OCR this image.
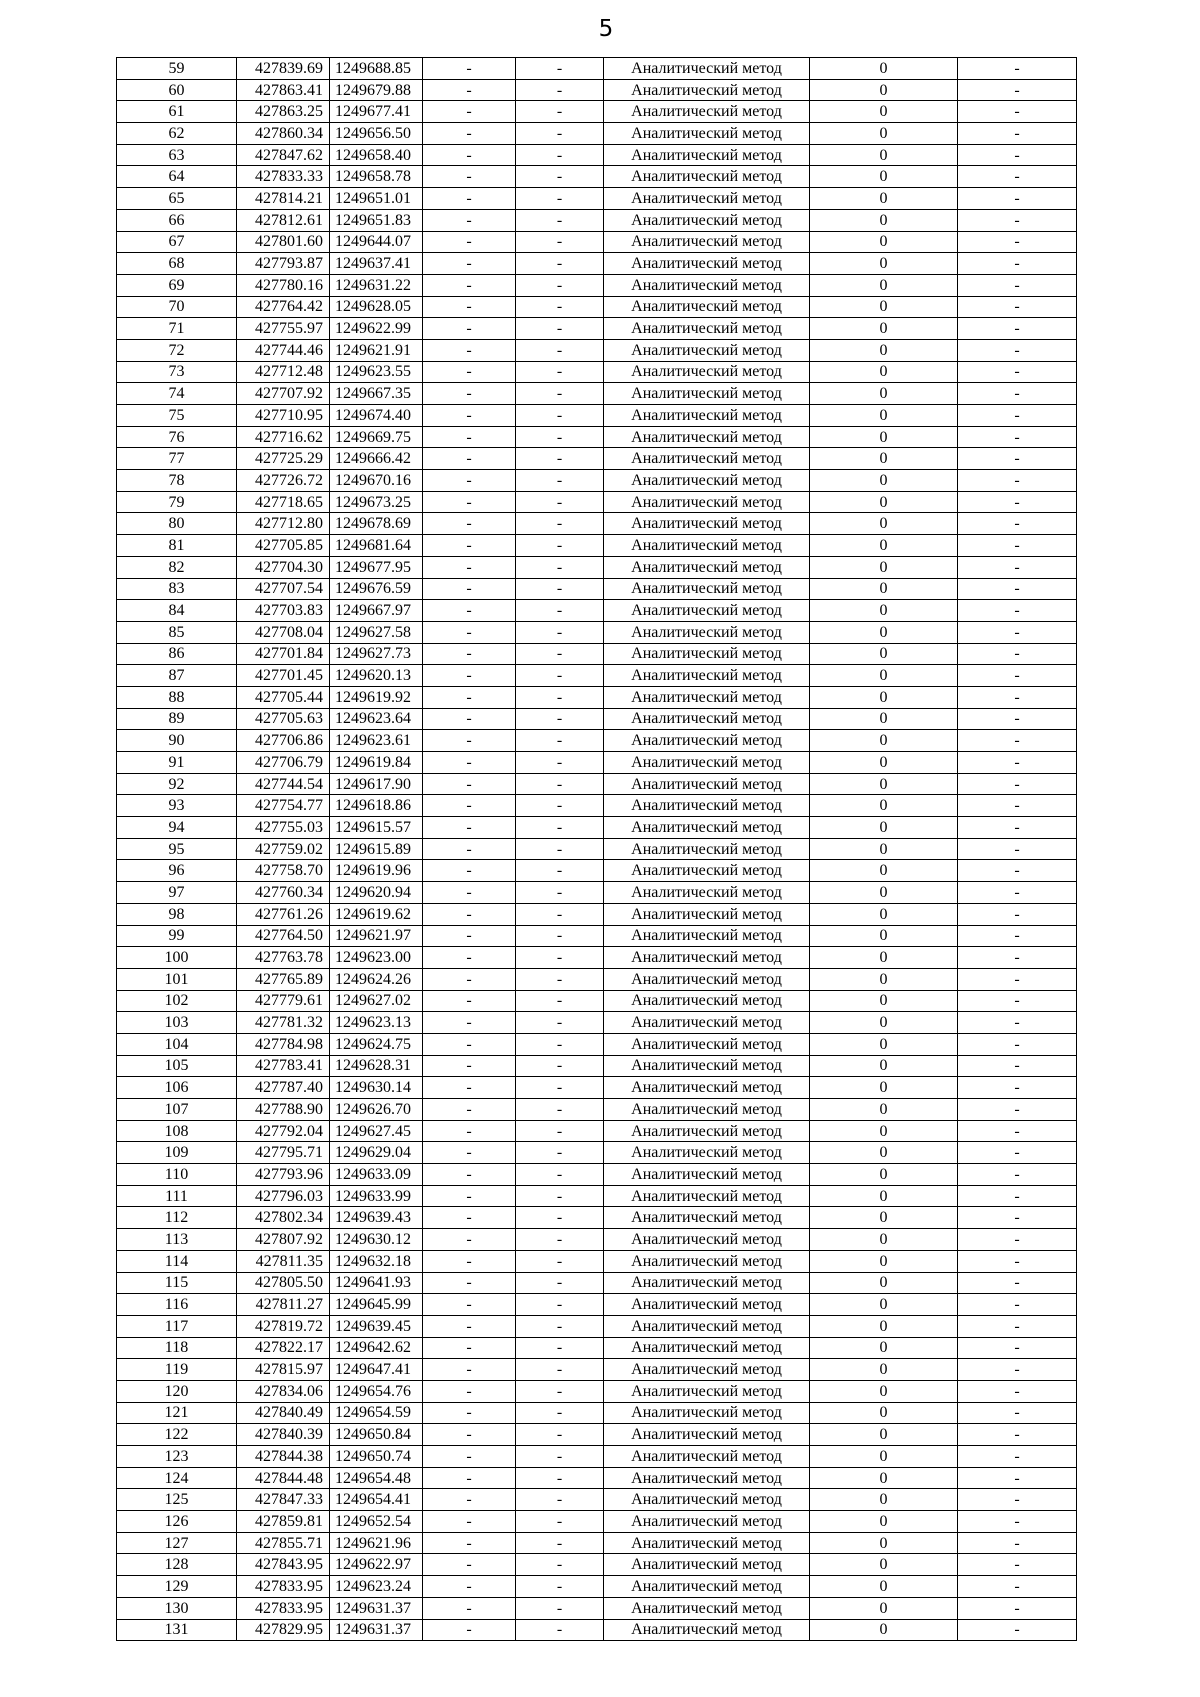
5
59	427839.69	1249688.85	-	-	Аналитический метод	0	-
60	427863.41	1249679.88	-	-	Аналитический метод	0	-
61	427863.25	1249677.41	-	-	Аналитический метод	0	-
62	427860.34	1249656.50	-	-	Аналитический метод	0	-
63	427847.62	1249658.40	-	-	Аналитический метод	0	-
64	427833.33	1249658.78	-	-	Аналитический метод	0	-
65	427814.21	1249651.01	-	-	Аналитический метод	0	-
66	427812.61	1249651.83	-	-	Аналитический метод	0	-
67	427801.60	1249644.07	-	-	Аналитический метод	0	-
68	427793.87	1249637.41	-	-	Аналитический метод	0	-
69	427780.16	1249631.22	-	-	Аналитический метод	0	-
70	427764.42	1249628.05	-	-	Аналитический метод	0	-
71	427755.97	1249622.99	-	-	Аналитический метод	0	-
72	427744.46	1249621.91	-	-	Аналитический метод	0	-
73	427712.48	1249623.55	-	-	Аналитический метод	0	-
74	427707.92	1249667.35	-	-	Аналитический метод	0	-
75	427710.95	1249674.40	-	-	Аналитический метод	0	-
76	427716.62	1249669.75	-	-	Аналитический метод	0	-
77	427725.29	1249666.42	-	-	Аналитический метод	0	-
78	427726.72	1249670.16	-	-	Аналитический метод	0	-
79	427718.65	1249673.25	-	-	Аналитический метод	0	-
80	427712.80	1249678.69	-	-	Аналитический метод	0	-
81	427705.85	1249681.64	-	-	Аналитический метод	0	-
82	427704.30	1249677.95	-	-	Аналитический метод	0	-
83	427707.54	1249676.59	-	-	Аналитический метод	0	-
84	427703.83	1249667.97	-	-	Аналитический метод	0	-
85	427708.04	1249627.58	-	-	Аналитический метод	0	-
86	427701.84	1249627.73	-	-	Аналитический метод	0	-
87	427701.45	1249620.13	-	-	Аналитический метод	0	-
88	427705.44	1249619.92	-	-	Аналитический метод	0	-
89	427705.63	1249623.64	-	-	Аналитический метод	0	-
90	427706.86	1249623.61	-	-	Аналитический метод	0	-
91	427706.79	1249619.84	-	-	Аналитический метод	0	-
92	427744.54	1249617.90	-	-	Аналитический метод	0	-
93	427754.77	1249618.86	-	-	Аналитический метод	0	-
94	427755.03	1249615.57	-	-	Аналитический метод	0	-
95	427759.02	1249615.89	-	-	Аналитический метод	0	-
96	427758.70	1249619.96	-	-	Аналитический метод	0	-
97	427760.34	1249620.94	-	-	Аналитический метод	0	-
98	427761.26	1249619.62	-	-	Аналитический метод	0	-
99	427764.50	1249621.97	-	-	Аналитический метод	0	-
100	427763.78	1249623.00	-	-	Аналитический метод	0	-
101	427765.89	1249624.26	-	-	Аналитический метод	0	-
102	427779.61	1249627.02	-	-	Аналитический метод	0	-
103	427781.32	1249623.13	-	-	Аналитический метод	0	-
104	427784.98	1249624.75	-	-	Аналитический метод	0	-
105	427783.41	1249628.31	-	-	Аналитический метод	0	-
106	427787.40	1249630.14	-	-	Аналитический метод	0	-
107	427788.90	1249626.70	-	-	Аналитический метод	0	-
108	427792.04	1249627.45	-	-	Аналитический метод	0	-
109	427795.71	1249629.04	-	-	Аналитический метод	0	-
110	427793.96	1249633.09	-	-	Аналитический метод	0	-
111	427796.03	1249633.99	-	-	Аналитический метод	0	-
112	427802.34	1249639.43	-	-	Аналитический метод	0	-
113	427807.92	1249630.12	-	-	Аналитический метод	0	-
114	427811.35	1249632.18	-	-	Аналитический метод	0	-
115	427805.50	1249641.93	-	-	Аналитический метод	0	-
116	427811.27	1249645.99	-	-	Аналитический метод	0	-
117	427819.72	1249639.45	-	-	Аналитический метод	0	-
118	427822.17	1249642.62	-	-	Аналитический метод	0	-
119	427815.97	1249647.41	-	-	Аналитический метод	0	-
120	427834.06	1249654.76	-	-	Аналитический метод	0	-
121	427840.49	1249654.59	-	-	Аналитический метод	0	-
122	427840.39	1249650.84	-	-	Аналитический метод	0	-
123	427844.38	1249650.74	-	-	Аналитический метод	0	-
124	427844.48	1249654.48	-	-	Аналитический метод	0	-
125	427847.33	1249654.41	-	-	Аналитический метод	0	-
126	427859.81	1249652.54	-	-	Аналитический метод	0	-
127	427855.71	1249621.96	-	-	Аналитический метод	0	-
128	427843.95	1249622.97	-	-	Аналитический метод	0	-
129	427833.95	1249623.24	-	-	Аналитический метод	0	-
130	427833.95	1249631.37	-	-	Аналитический метод	0	-
131	427829.95	1249631.37	-	-	Аналитический метод	0	-
